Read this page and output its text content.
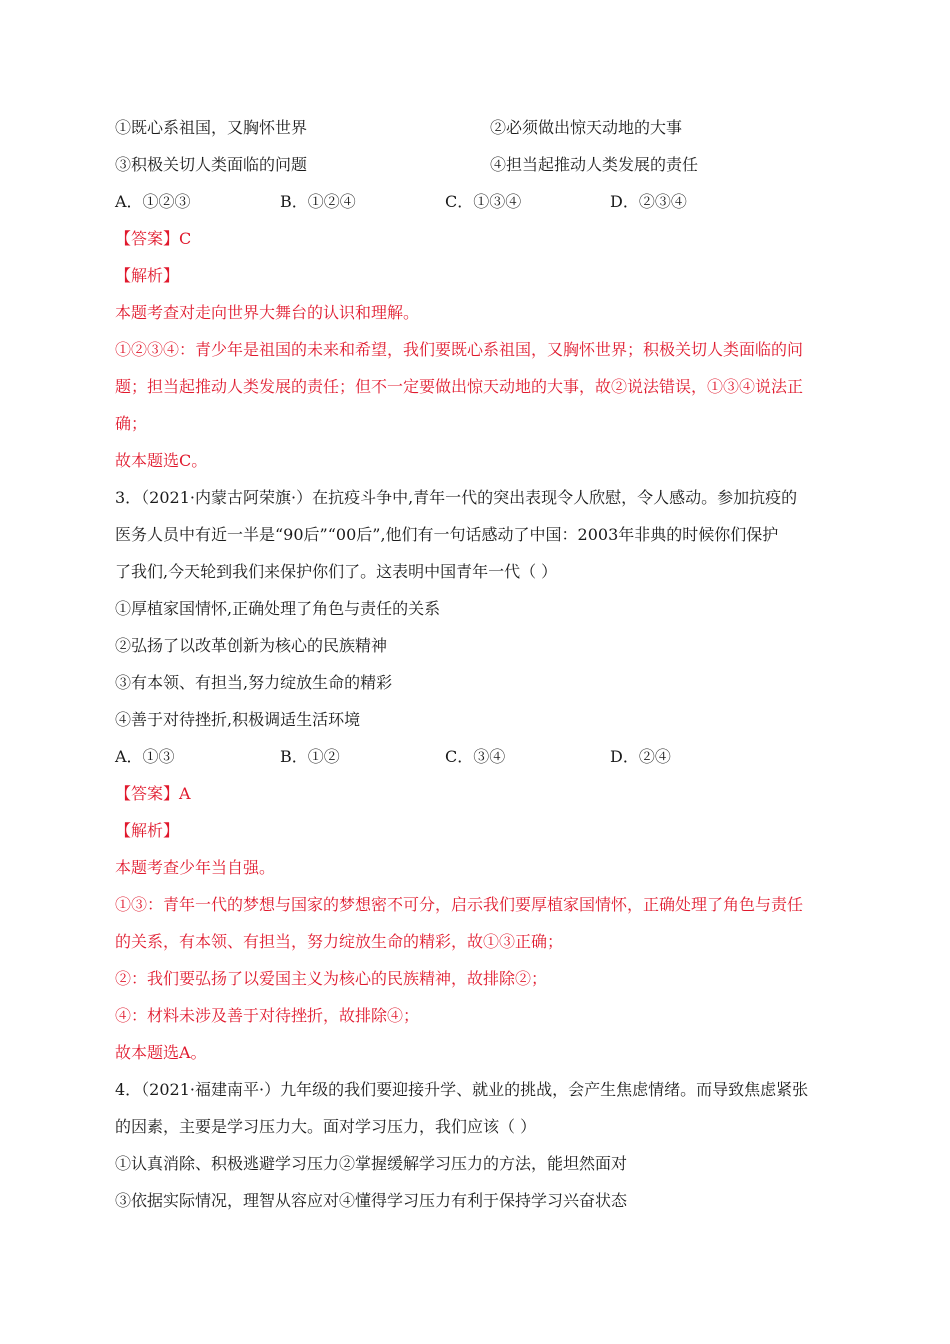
①既心系祖国，又胸怀世界	②必须做出惊天动地的大事
③积极关切人类面临的问题	④担当起推动人类发展的责任
A．①②③	B．①②④	C．①③④	D．②③④
【答案】C
【解析】
本题考查对走向世界大舞台的认识和理解。
①②③④：青少年是祖国的未来和希望，我们要既心系祖国，又胸怀世界；积极关切人类面临的问
题；担当起推动人类发展的责任；但不一定要做出惊天动地的大事，故②说法错误，①③④说法正
确；
故本题选C。
3．（2021·内蒙古阿荣旗·）在抗疫斗争中,青年一代的突出表现令人欣慰，令人感动。参加抗疫的
医务人员中有近一半是“90后”“00后”,他们有一句话感动了中国：2003年非典的时候你们保护
了我们,今天轮到我们来保护你们了。这表明中国青年一代（ ）
①厚植家国情怀,正确处理了角色与责任的关系
②弘扬了以改革创新为核心的民族精神
③有本领、有担当,努力绽放生命的精彩
④善于对待挫折,积极调适生活环境
A．①③	B．①②	C．③④	D．②④
【答案】A
【解析】
本题考查少年当自强。
①③：青年一代的梦想与国家的梦想密不可分，启示我们要厚植家国情怀，正确处理了角色与责任
的关系，有本领、有担当，努力绽放生命的精彩，故①③正确；
②：我们要弘扬了以爱国主义为核心的民族精神，故排除②；
④：材料未涉及善于对待挫折，故排除④；
故本题选A。
4．（2021·福建南平·）九年级的我们要迎接升学、就业的挑战，会产生焦虑情绪。而导致焦虑紧张
的因素，主要是学习压力大。面对学习压力，我们应该（ ）
①认真消除、积极逃避学习压力②掌握缓解学习压力的方法，能坦然面对
③依据实际情况，理智从容应对④懂得学习压力有利于保持学习兴奋状态
